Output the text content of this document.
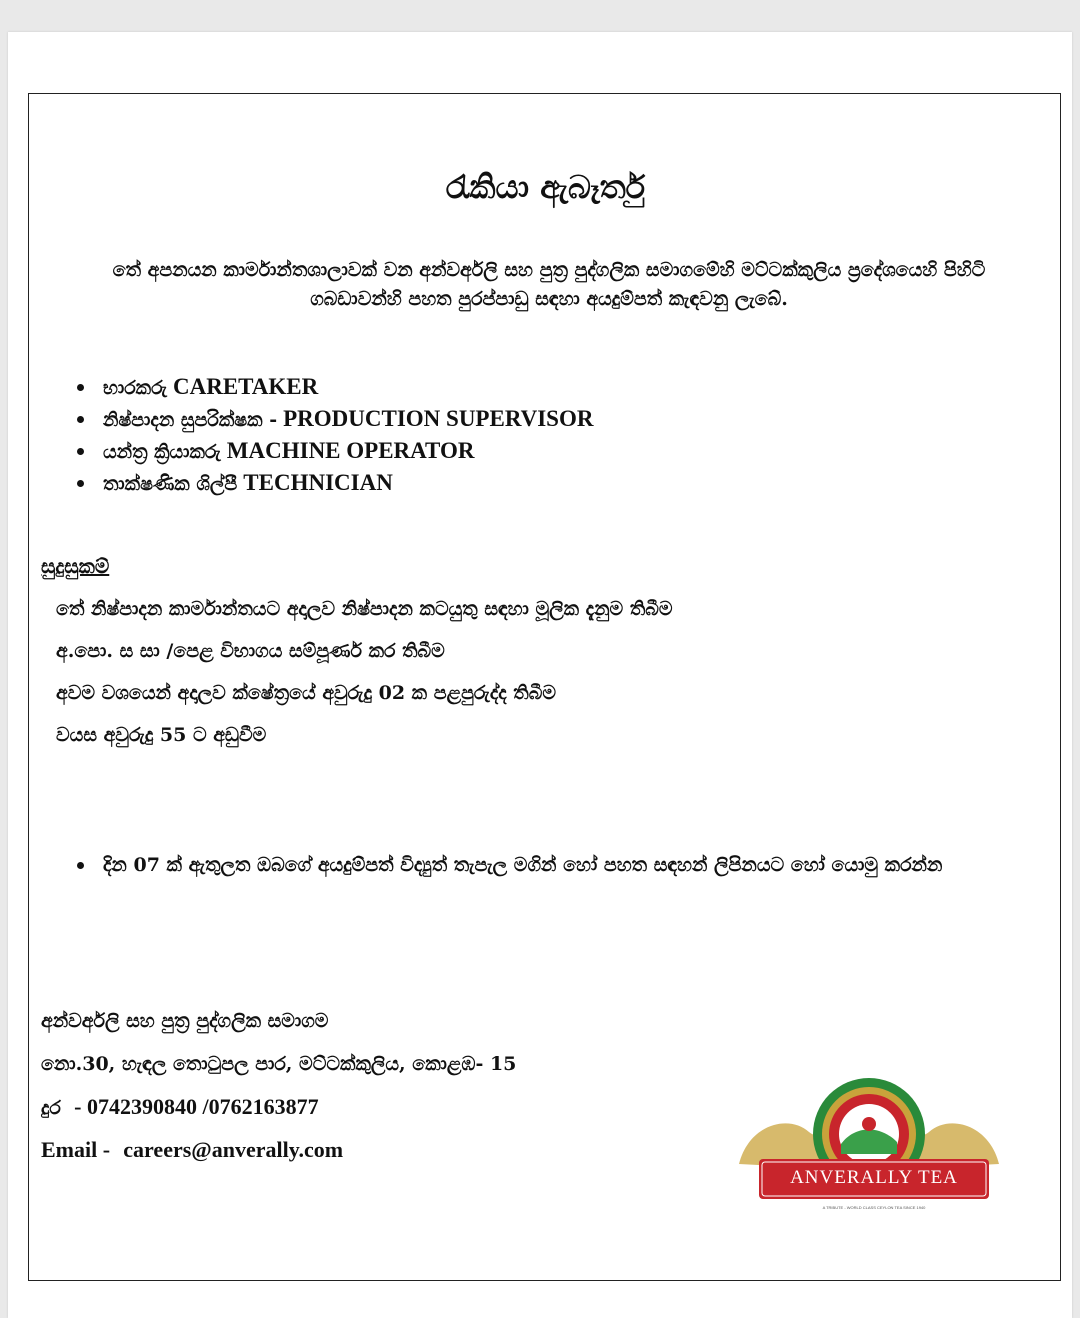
රැකියා ඇබෑර්තු
තේ අපනයන කාර්මාන්තශාලාවක් වන අන්වර්අලි සහ පුත්‍ර පුද්ගලික සමාගමේහි මට්ටක්කුලිය ප්‍රදේශයෙහි පිහිටි ගබඩාවන්හි පහත පුරප්පාඩු සඳහා අයදුම්පත් කැඳවනු ලැබේ.
භාරකරු CARETAKER
නිෂ්පාදන සුපරික්ෂක - PRODUCTION SUPERVISOR
යන්ත්‍ර ක්‍රියාකරු MACHINE OPERATOR
තාක්ෂණික ශිල්පී TECHNICIAN
සුදුසුකම්
තේ නිෂ්පාදන කාර්මාන්තයට අදාලව නිෂ්පාදන කටයුතු සඳහා මූලික දැනුම තිබීම
අ.පො. ස සා /පෙළ විභාගය සම්පූර්ණ කර තිබීම
අවම වශයෙන් අදාලව ක්ෂේත්‍රයේ අවුරුදු 02 ක පළපුරුද්ද තිබීම
වයස අවුරුදු 55 ට අඩුවීම
දින 07 ක් ඇතුලත ඔබගේ අයදුම්පත් විද්‍යුත් තැපැල මගින් හෝ පහත සඳහන් ලිපිනයට හෝ යොමු කරන්න
අන්වර්අලි සහ පුත්‍ර පුද්ගලික සමාගම
නො.30, හැඳල තොටුපල පාර, මට්ටක්කුලිය, කොළඹ- 15
දුර - 0742390840 /0762163877
Email - careers@anverally.com
ANVERALLY TEA
A TRIBUTE - WORLD CLASS CEYLON TEA SINCE 1940
